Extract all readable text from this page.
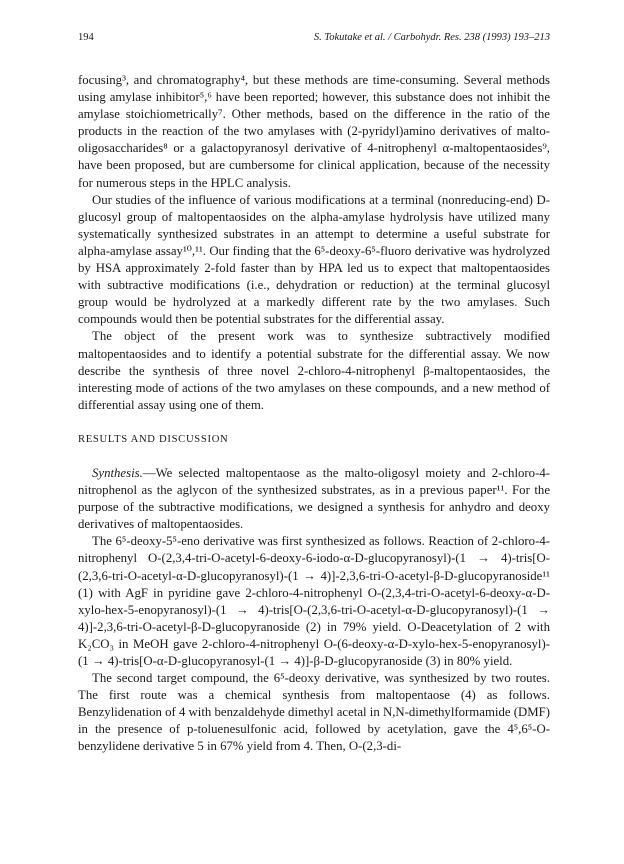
194	S. Tokutake et al. / Carbohydr. Res. 238 (1993) 193–213

focusing³, and chromatography⁴, but these methods are time-consuming. Several methods using amylase inhibitor⁵,⁶ have been reported; however, this substance does not inhibit the amylase stoichiometrically⁷. Other methods, based on the difference in the ratio of the products in the reaction of the two amylases with (2-pyridyl)amino derivatives of malto-oligosaccharides⁸ or a galactopyranosyl derivative of 4-nitrophenyl α-maltopentaosides⁹, have been proposed, but are cumbersome for clinical application, because of the necessity for numerous steps in the HPLC analysis.

Our studies of the influence of various modifications at a terminal (nonreducing-end) D-glucosyl group of maltopentaosides on the alpha-amylase hydrolysis have utilized many systematically synthesized substrates in an attempt to determine a useful substrate for alpha-amylase assay¹⁰,¹¹. Our finding that the 6⁵-deoxy-6⁵-fluoro derivative was hydrolyzed by HSA approximately 2-fold faster than by HPA led us to expect that maltopentaosides with subtractive modifications (i.e., dehydration or reduction) at the terminal glucosyl group would be hydrolyzed at a markedly different rate by the two amylases. Such compounds would then be potential substrates for the differential assay.

The object of the present work was to synthesize subtractively modified maltopentaosides and to identify a potential substrate for the differential assay. We now describe the synthesis of three novel 2-chloro-4-nitrophenyl β-maltopentaosides, the interesting mode of actions of the two amylases on these compounds, and a new method of differential assay using one of them.

RESULTS AND DISCUSSION

Synthesis.—We selected maltopentaose as the malto-oligosyl moiety and 2-chloro-4-nitrophenol as the aglycon of the synthesized substrates, as in a previous paper¹¹. For the purpose of the subtractive modifications, we designed a synthesis for anhydro and deoxy derivatives of maltopentaosides.

The 6⁵-deoxy-5⁵-eno derivative was first synthesized as follows. Reaction of 2-chloro-4-nitrophenyl O-(2,3,4-tri-O-acetyl-6-deoxy-6-iodo-α-D-glucopyranosyl)-(1 → 4)-tris[O-(2,3,6-tri-O-acetyl-α-D-glucopyranosyl)-(1 → 4)]-2,3,6-tri-O-acetyl-β-D-glucopyranoside¹¹ (1) with AgF in pyridine gave 2-chloro-4-nitrophenyl O-(2,3,4-tri-O-acetyl-6-deoxy-α-D-xylo-hex-5-enopyranosyl)-(1 → 4)-tris[O-(2,3,6-tri-O-acetyl-α-D-glucopyranosyl)-(1 → 4)]-2,3,6-tri-O-acetyl-β-D-glucopyranoside (2) in 79% yield. O-Deacetylation of 2 with K₂CO₃ in MeOH gave 2-chloro-4-nitrophenyl O-(6-deoxy-α-D-xylo-hex-5-enopyranosyl)-(1 → 4)-tris[O-α-D-glucopyranosyl-(1 → 4)]-β-D-glucopyranoside (3) in 80% yield.

The second target compound, the 6⁵-deoxy derivative, was synthesized by two routes. The first route was a chemical synthesis from maltopentaose (4) as follows. Benzylidenation of 4 with benzaldehyde dimethyl acetal in N,N-dimethylformamide (DMF) in the presence of p-toluenesulfonic acid, followed by acetylation, gave the 4⁵,6⁵-O-benzylidene derivative 5 in 67% yield from 4. Then, O-(2,3-di-
